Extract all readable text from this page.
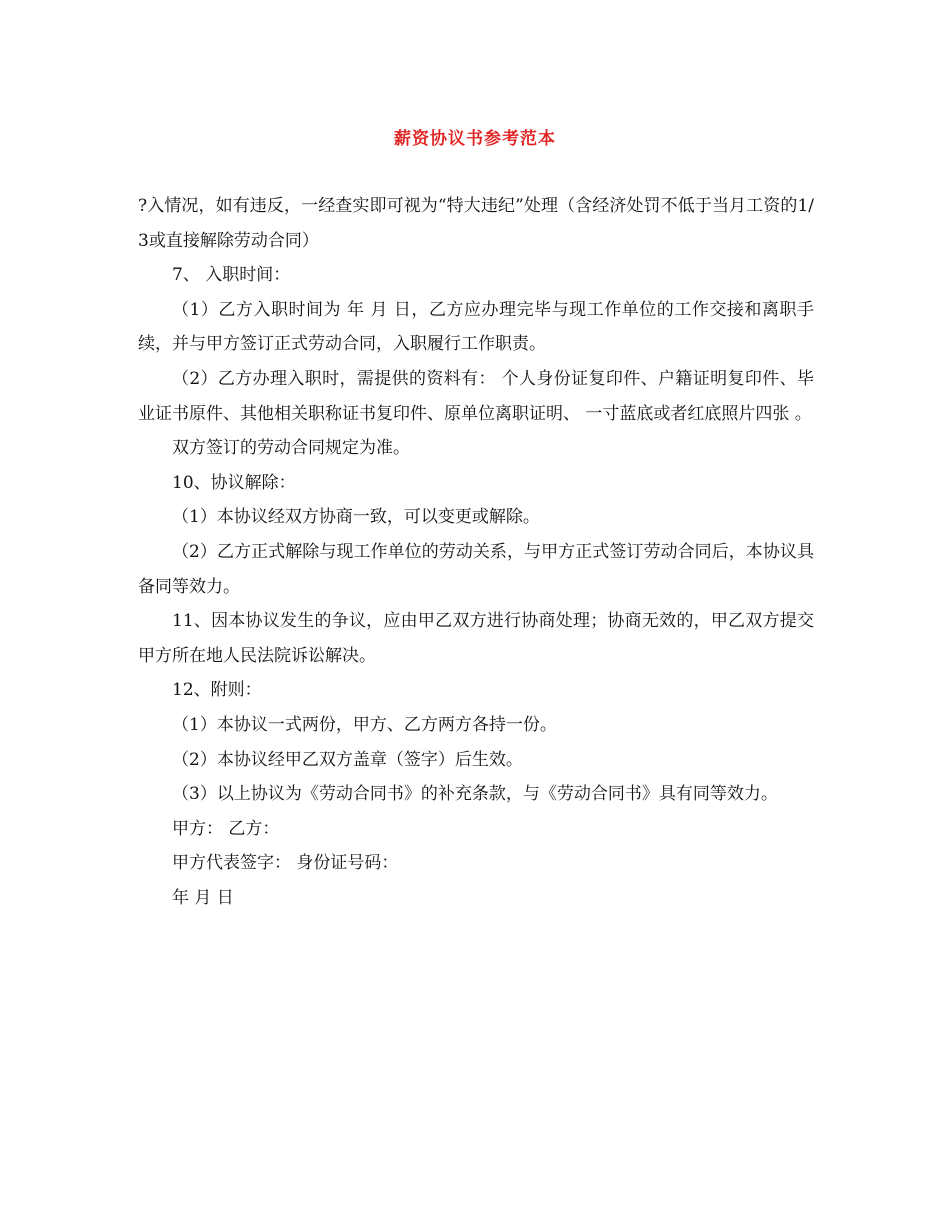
薪资协议书参考范本

?入情况，如有违反，一经查实即可视为“特大违纪”处理（含经济处罚不低于当月工资的1/3或直接解除劳动合同）

7、 入职时间：

（1）乙方入职时间为 年 月 日，乙方应办理完毕与现工作单位的工作交接和离职手续，并与甲方签订正式劳动合同，入职履行工作职责。

（2）乙方办理入职时，需提供的资料有： 个人身份证复印件、户籍证明复印件、毕业证书原件、其他相关职称证书复印件、原单位离职证明、 一寸蓝底或者红底照片四张 。

双方签订的劳动合同规定为准。

10、协议解除：

（1）本协议经双方协商一致，可以变更或解除。

（2）乙方正式解除与现工作单位的劳动关系，与甲方正式签订劳动合同后，本协议具备同等效力。

11、因本协议发生的争议，应由甲乙双方进行协商处理；协商无效的，甲乙双方提交甲方所在地人民法院诉讼解决。

12、附则：

（1）本协议一式两份，甲方、乙方两方各持一份。

（2）本协议经甲乙双方盖章（签字）后生效。

（3）以上协议为《劳动合同书》的补充条款，与《劳动合同书》具有同等效力。

甲方： 乙方：

甲方代表签字： 身份证号码：

年 月 日
